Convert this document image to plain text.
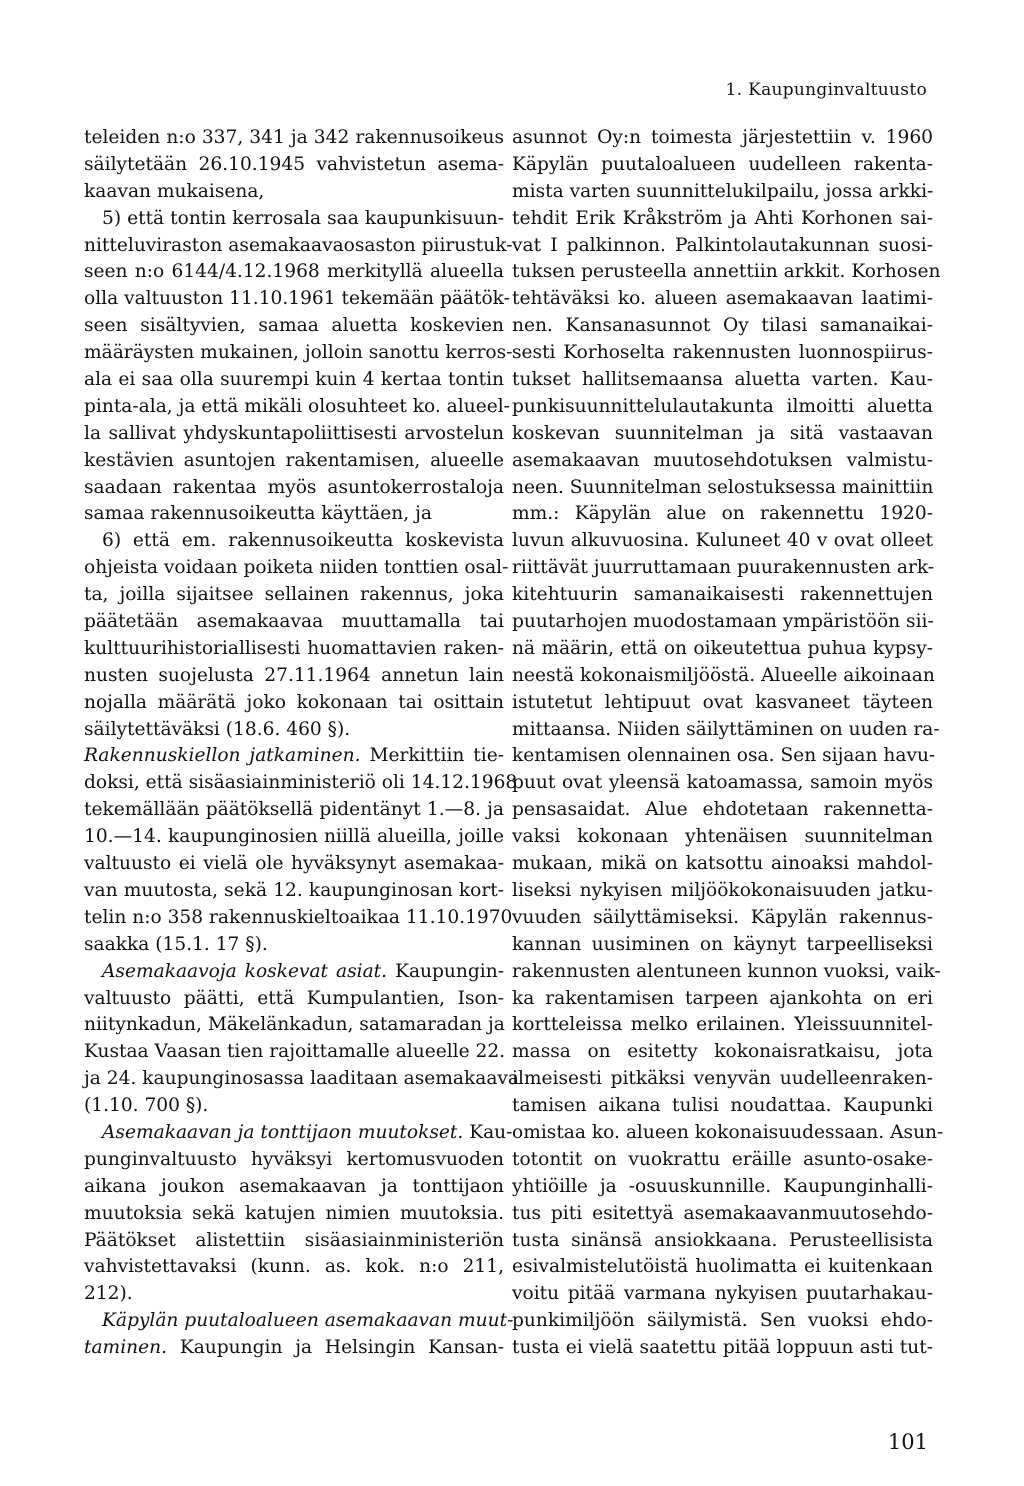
1. Kaupunginvaltuusto
teleiden n:o 337, 341 ja 342 rakennusoikeus
säilytetään 26.10.1945 vahvistetun asema-
kaavan mukaisena,
5) että tontin kerrosala saa kaupunkisuun-
nitteluviraston asemakaavaosaston piirustuk-
seen n:o 6144/4.12.1968 merkityllä alueella
olla valtuuston 11.10.1961 tekemään päätök-
seen sisältyvien, samaa aluetta koskevien
määräysten mukainen, jolloin sanottu kerros-
ala ei saa olla suurempi kuin 4 kertaa tontin
pinta-ala, ja että mikäli olosuhteet ko. alueel-
la sallivat yhdyskuntapoliittisesti arvostelun
kestävien asuntojen rakentamisen, alueelle
saadaan rakentaa myös asuntokerrostaloja
samaa rakennusoikeutta käyttäen, ja
6) että em. rakennusoikeutta koskevista
ohjeista voidaan poiketa niiden tonttien osal-
ta, joilla sijaitsee sellainen rakennus, joka
päätetään asemakaavaa muuttamalla tai
kulttuurihistoriallisesti huomattavien raken-
nusten suojelusta 27.11.1964 annetun lain
nojalla määrätä joko kokonaan tai osittain
säilytettäväksi (18.6. 460 §).
Rakennuskiellon jatkaminen. Merkittiin tie-
doksi, että sisäasiainministeriö oli 14.12.1968
tekemällään päätöksellä pidentänyt 1.—8. ja
10.—14. kaupunginosien niillä alueilla, joille
valtuusto ei vielä ole hyväksynyt asemakaa-
van muutosta, sekä 12. kaupunginosan kort-
telin n:o 358 rakennuskieltoaikaa 11.10.1970
saakka (15.1. 17 §).
Asemakaavoja koskevat asiat. Kaupungin-
valtuusto päätti, että Kumpulantien, Ison-
niitynkadun, Mäkelänkadun, satamaradan ja
Kustaa Vaasan tien rajoittamalle alueelle 22.
ja 24. kaupunginosassa laaditaan asemakaava
(1.10. 700 §).
Asemakaavan ja tonttijaon muutokset. Kau-
punginvaltuusto hyväksyi kertomusvuoden
aikana joukon asemakaavan ja tonttijaon
muutoksia sekä katujen nimien muutoksia.
Päätökset alistettiin sisäasiainministeriön
vahvistettavaksi (kunn. as. kok. n:o 211,
212).
Käpylän puutaloalueen asemakaavan muut-
taminen. Kaupungin ja Helsingin Kansan-
asunnot Oy:n toimesta järjestettiin v. 1960
Käpylän puutaloalueen uudelleen rakenta-
mista varten suunnittelukilpailu, jossa arkki-
tehdit Erik Kråkström ja Ahti Korhonen sai-
vat I palkinnon. Palkintolautakunnan suosi-
tuksen perusteella annettiin arkkit. Korhosen
tehtäväksi ko. alueen asemakaavan laatimi-
nen. Kansanasunnot Oy tilasi samanaikai-
sesti Korhoselta rakennusten luonnospiirus-
tukset hallitsemaansa aluetta varten. Kau-
punkisuunnittelulautakunta ilmoitti aluetta
koskevan suunnitelman ja sitä vastaavan
asemakaavan muutosehdotuksen valmistu-
neen. Suunnitelman selostuksessa mainittiin
mm.: Käpylän alue on rakennettu 1920-
luvun alkuvuosina. Kuluneet 40 v ovat olleet
riittävät juurruttamaan puurakennusten ark-
kitehtuurin samanaikaisesti rakennettujen
puutarhojen muodostamaan ympäristöön sii-
nä määrin, että on oikeutettua puhua kypsy-
neestä kokonaismiljööstä. Alueelle aikoinaan
istutetut lehtipuut ovat kasvaneet täyteen
mittaansa. Niiden säilyttäminen on uuden ra-
kentamisen olennainen osa. Sen sijaan havu-
puut ovat yleensä katoamassa, samoin myös
pensasaidat. Alue ehdotetaan rakennetta-
vaksi kokonaan yhtenäisen suunnitelman
mukaan, mikä on katsottu ainoaksi mahdol-
liseksi nykyisen miljöökokonaisuuden jatku-
vuuden säilyttämiseksi. Käpylän rakennus-
kannan uusiminen on käynyt tarpeelliseksi
rakennusten alentuneen kunnon vuoksi, vaik-
ka rakentamisen tarpeen ajankohta on eri
kortteleissa melko erilainen. Yleissuunnitel-
massa on esitetty kokonaisratkaisu, jota
ilmeisesti pitkäksi venyvän uudelleenraken-
tamisen aikana tulisi noudattaa. Kaupunki
omistaa ko. alueen kokonaisuudessaan. Asun-
totontit on vuokrattu eräille asunto-osake-
yhtiöille ja -osuuskunnille. Kaupunginhalli-
tus piti esitettyä asemakaavanmuutosehdo-
tusta sinänsä ansiokkaana. Perusteellisista
esivalmistelutöistä huolimatta ei kuitenkaan
voitu pitää varmana nykyisen puutarhakau-
punkimiljöön säilymistä. Sen vuoksi ehdo-
tusta ei vielä saatettu pitää loppuun asti tut-
101
